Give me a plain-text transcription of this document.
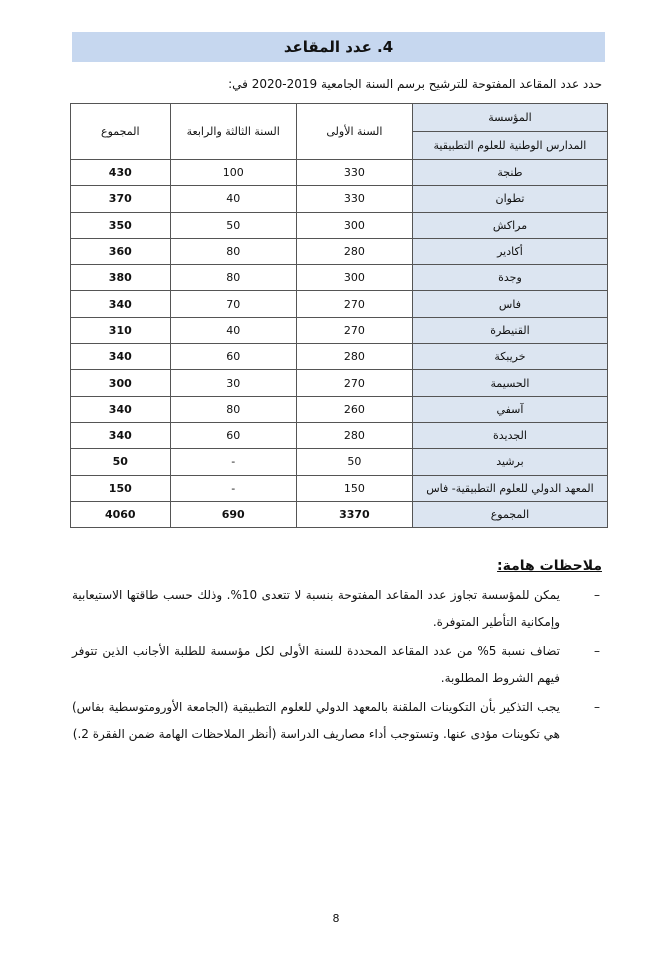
4. عدد المقاعد
حدد عدد المقاعد المفتوحة للترشيح برسم السنة الجامعية 2019-2020 في:
المؤسسة	السنة الأولى	السنة الثالثة والرابعة	المجموع
المدارس الوطنية للعلوم التطبيقية			
طنجة	330	100	430
تطوان	330	40	370
مراكش	300	50	350
أكادير	280	80	360
وجدة	300	80	380
فاس	270	70	340
القنيطرة	270	40	310
خريبكة	280	60	340
الحسيمة	270	30	300
آسفي	260	80	340
الجديدة	280	60	340
برشيد	50	-	50
المعهد الدولي للعلوم التطبيقية- فاس	150	-	150
المجموع	3370	690	4060
ملاحظات هامة:
–
يمكن للمؤسسة تجاوز عدد المقاعد المفتوحة بنسبة لا تتعدى 10%. وذلك حسب طاقتها الاستيعابية وإمكانية التأطير المتوفرة.
–
تضاف نسبة 5% من عدد المقاعد المحددة للسنة الأولى لكل مؤسسة للطلبة الأجانب الذين تتوفر فيهم الشروط المطلوبة.
–
يجب التذكير بأن التكوينات الملقنة بالمعهد الدولي للعلوم التطبيقية (الجامعة الأورومتوسطية بفاس) هي تكوينات مؤدى عنها. وتستوجب أداء مصاريف الدراسة (أنظر الملاحظات الهامة ضمن الفقرة 2.)
8
